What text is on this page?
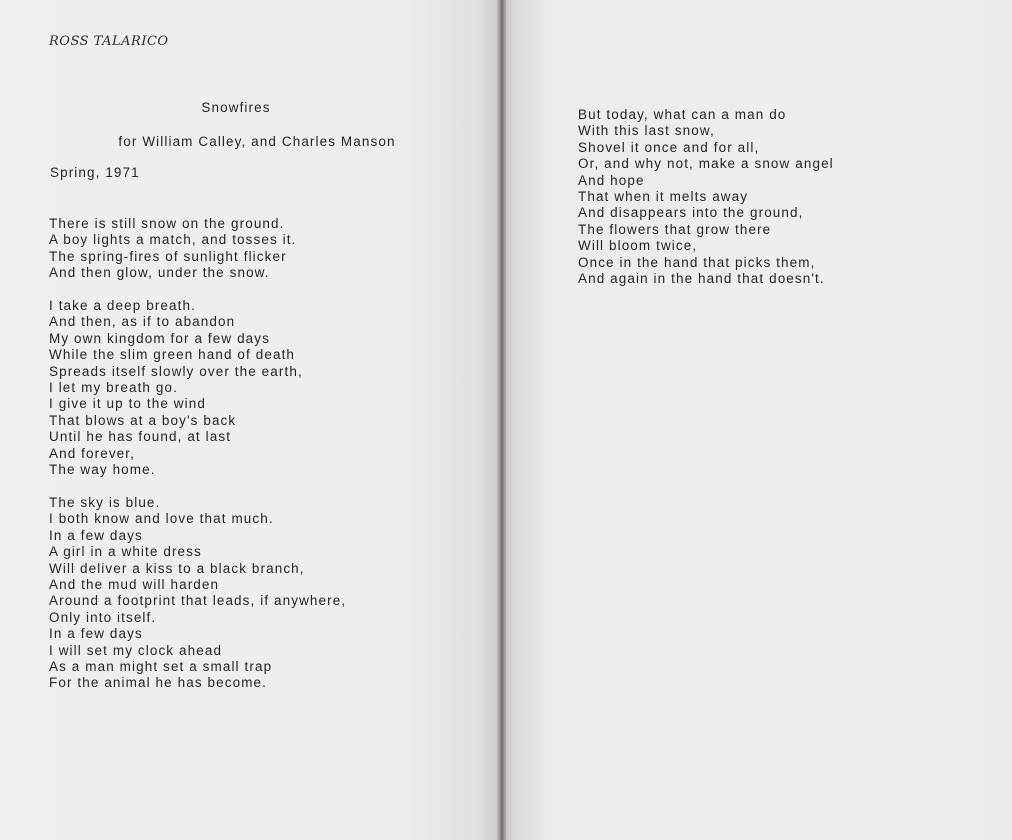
ROSS TALARICO
Snowfires
for William Calley, and Charles Manson
Spring, 1971
There is still snow on the ground.
A boy lights a match, and tosses it.
The spring-fires of sunlight flicker
And then glow, under the snow.
I take a deep breath.
And then, as if to abandon
My own kingdom for a few days
While the slim green hand of death
Spreads itself slowly over the earth,
I let my breath go.
I give it up to the wind
That blows at a boy's back
Until he has found, at last
And forever,
The way home.
The sky is blue.
I both know and love that much.
In a few days
A girl in a white dress
Will deliver a kiss to a black branch,
And the mud will harden
Around a footprint that leads, if anywhere,
Only into itself.
In a few days
I will set my clock ahead
As a man might set a small trap
For the animal he has become.
But today, what can a man do
With this last snow,
Shovel it once and for all,
Or, and why not, make a snow angel
And hope
That when it melts away
And disappears into the ground,
The flowers that grow there
Will bloom twice,
Once in the hand that picks them,
And again in the hand that doesn't.
